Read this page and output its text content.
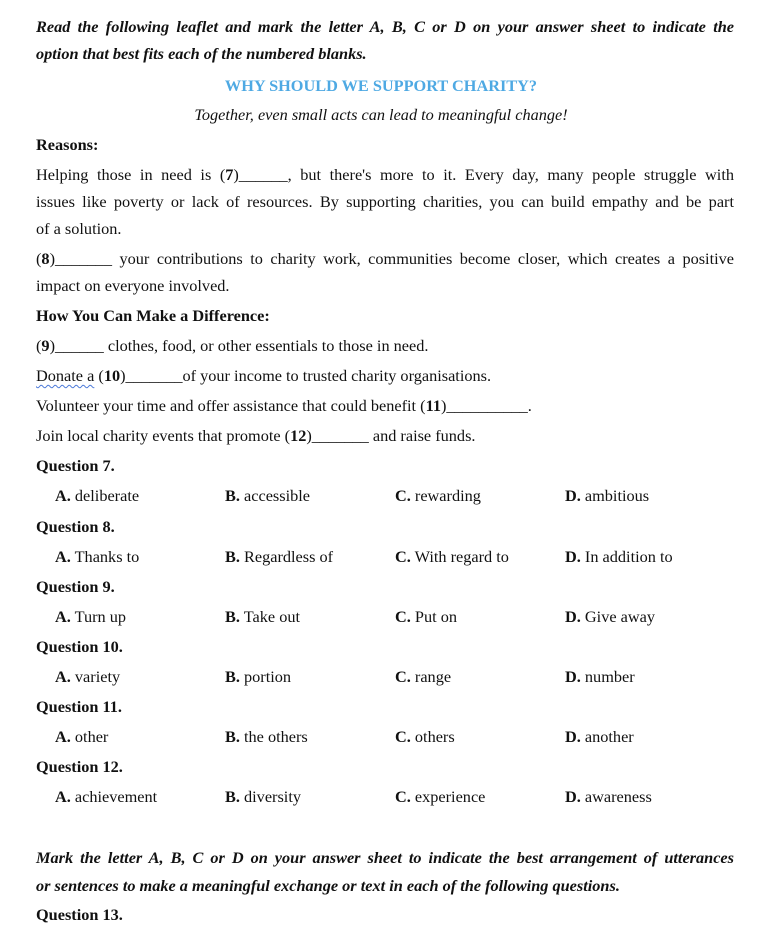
Read the following leaflet and mark the letter A, B, C or D on your answer sheet to indicate the
option that best fits each of the numbered blanks.
WHY SHOULD WE SUPPORT CHARITY?
Together, even small acts can lead to meaningful change!
Reasons:
Helping those in need is (7)______, but there's more to it. Every day, many people struggle with
issues like poverty or lack of resources. By supporting charities, you can build empathy and be part
of a solution.
(8)_______ your contributions to charity work, communities become closer, which creates a positive
impact on everyone involved.
How You Can Make a Difference:
(9)______ clothes, food, or other essentials to those in need.
Donate a (10)_______of your income to trusted charity organisations.
Volunteer your time and offer assistance that could benefit (11)__________.
Join local charity events that promote (12)_______ and raise funds.
Question 7.
A. deliberate	B. accessible	C. rewarding	D. ambitious
Question 8.
A. Thanks to	B. Regardless of	C. With regard to	D. In addition to
Question 9.
A. Turn up	B. Take out	C. Put on	D. Give away
Question 10.
A. variety	B. portion	C. range	D. number
Question 11.
A. other	B. the others	C. others	D. another
Question 12.
A. achievement	B. diversity	C. experience	D. awareness
Mark the letter A, B, C or D on your answer sheet to indicate the best arrangement of utterances
or sentences to make a meaningful exchange or text in each of the following questions.
Question 13.
